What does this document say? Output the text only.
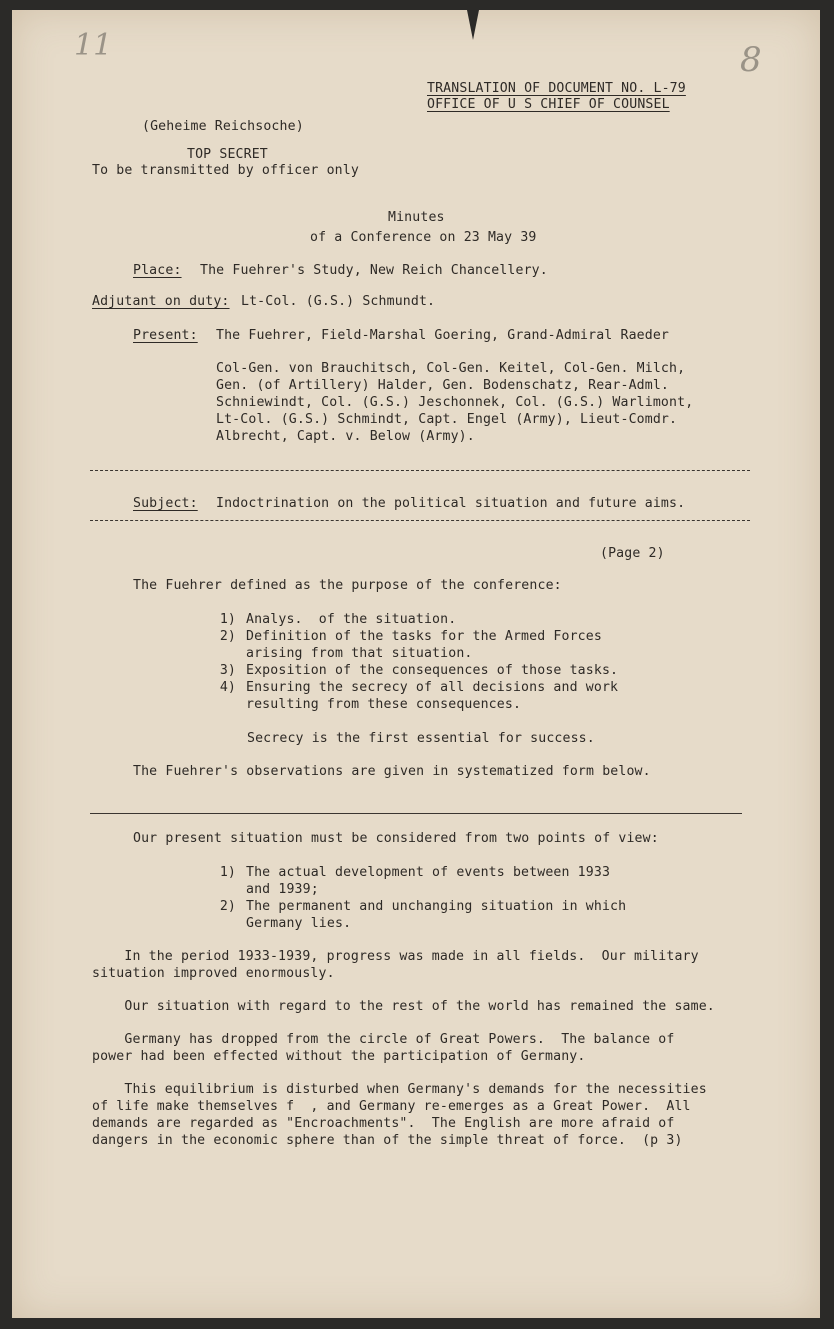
11	8
TRANSLATION OF DOCUMENT NO. L-79
OFFICE OF U S CHIEF OF COUNSEL
(Geheime Reichsoche)
TOP SECRET
To be transmitted by officer only
Minutes
of a Conference on 23 May 39
Place: The Fuehrer's Study, New Reich Chancellery.
Adjutant on duty: Lt-Col. (G.S.) Schmundt.
Present: The Fuehrer, Field-Marshal Goering, Grand-Admiral Raeder
Col-Gen. von Brauchitsch, Col-Gen. Keitel, Col-Gen. Milch,
Gen. (of Artillery) Halder, Gen. Bodenschatz, Rear-Adml.
Schniewindt, Col. (G.S.) Jeschonnek, Col. (G.S.) Warlimont,
Lt-Col. (G.S.) Schmindt, Capt. Engel (Army), Lieut-Comdr.
Albrecht, Capt. v. Below (Army).
Subject: Indoctrination on the political situation and future aims.
(Page 2)
The Fuehrer defined as the purpose of the conference:
1) Analys.  of the situation.
2) Definition of the tasks for the Armed Forces
arising from that situation.
3) Exposition of the consequences of those tasks.
4) Ensuring the secrecy of all decisions and work
resulting from these consequences.
Secrecy is the first essential for success.
The Fuehrer's observations are given in systematized form below.
Our present situation must be considered from two points of view:
1) The actual development of events between 1933
and 1939;
2) The permanent and unchanging situation in which
Germany lies.
In the period 1933-1939, progress was made in all fields.  Our military
situation improved enormously.
Our situation with regard to the rest of the world has remained the same.
Germany has dropped from the circle of Great Powers.  The balance of
power had been effected without the participation of Germany.
This equilibrium is disturbed when Germany's demands for the necessities
of life make themselves f  , and Germany re-emerges as a Great Power.  All
demands are regarded as "Encroachments".  The English are more afraid of
dangers in the economic sphere than of the simple threat of force.  (p 3)
